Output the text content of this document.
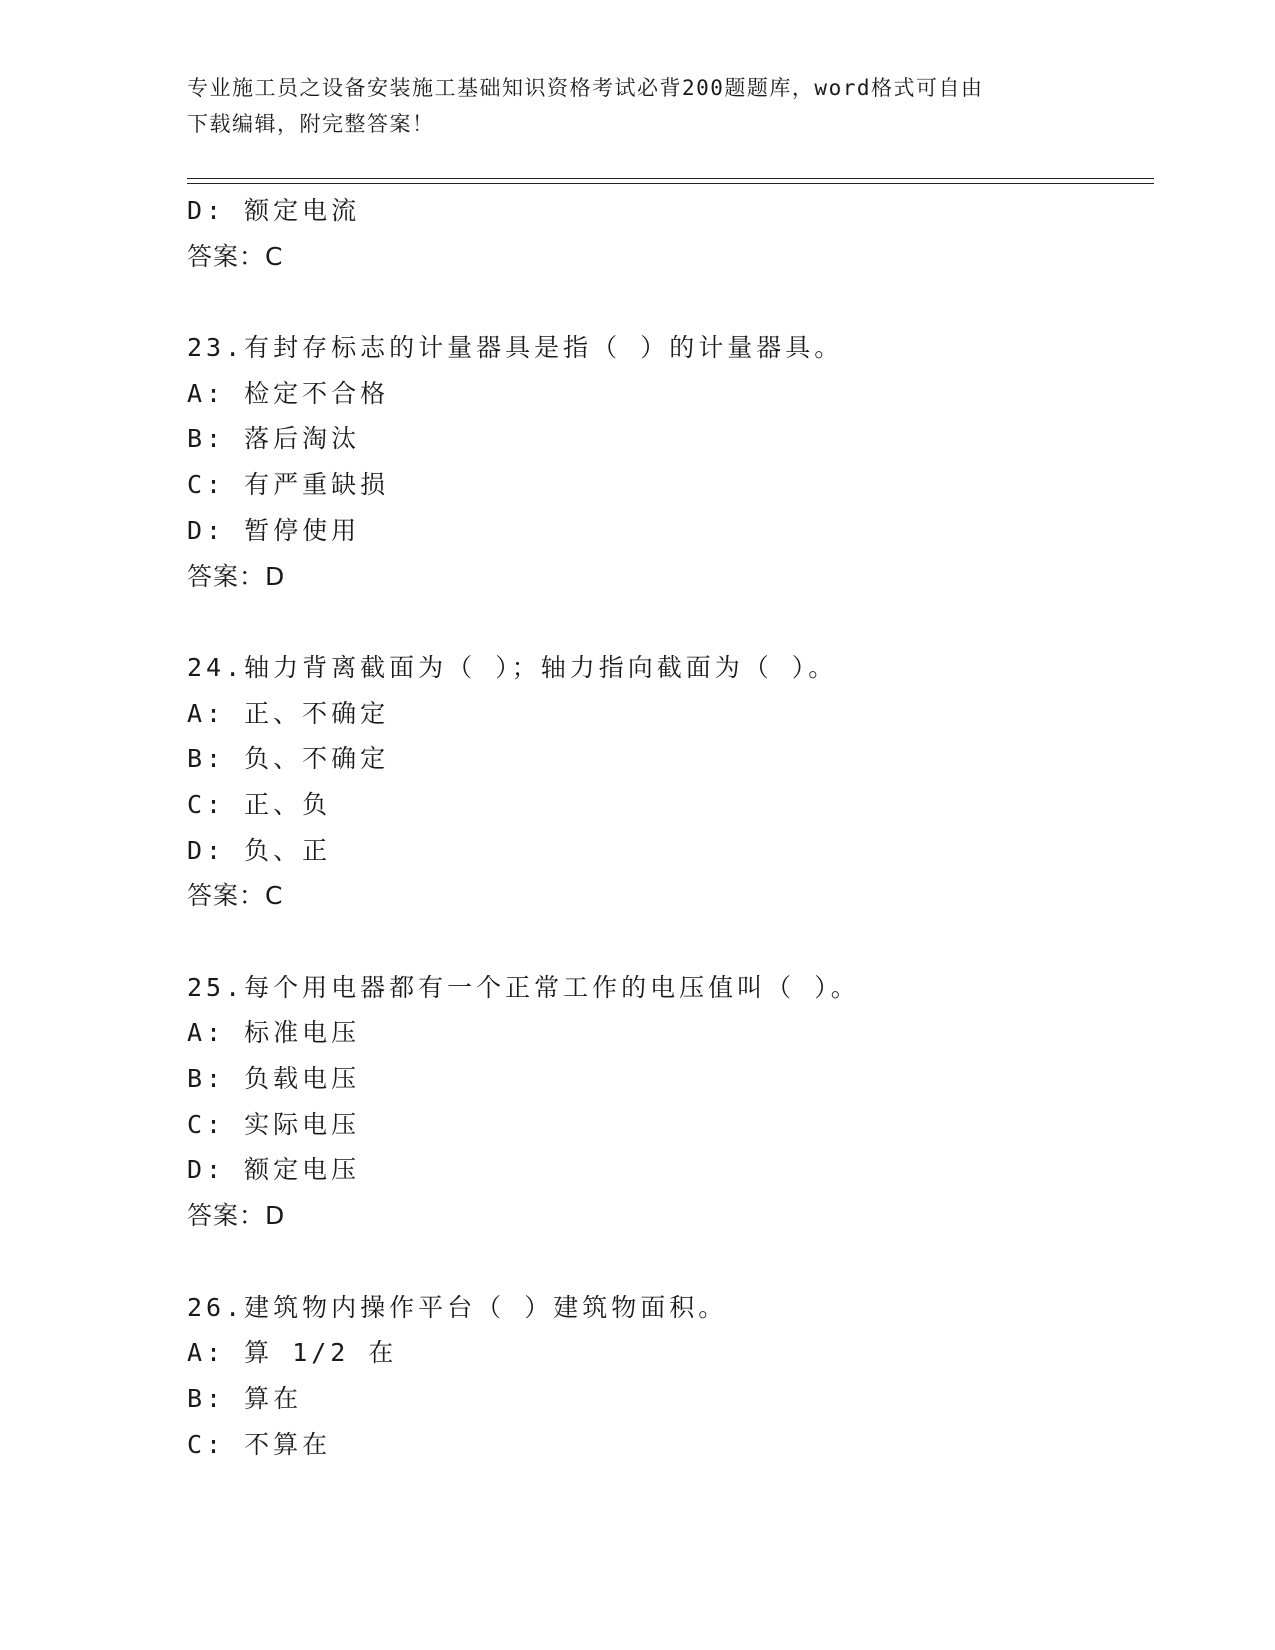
专业施工员之设备安装施工基础知识资格考试必背200题题库，word格式可自由
下载编辑，附完整答案！
D: 额定电流
答案：C
23.有封存标志的计量器具是指（ ）的计量器具。
A: 检定不合格
B: 落后淘汰
C: 有严重缺损
D: 暂停使用
答案：D
24.轴力背离截面为（ ）；轴力指向截面为（ ）。
A: 正、不确定
B: 负、不确定
C: 正、负
D: 负、正
答案：C
25.每个用电器都有一个正常工作的电压值叫（ ）。
A: 标准电压
B: 负载电压
C: 实际电压
D: 额定电压
答案：D
26.建筑物内操作平台（ ）建筑物面积。
A: 算 1/2 在
B: 算在
C: 不算在
